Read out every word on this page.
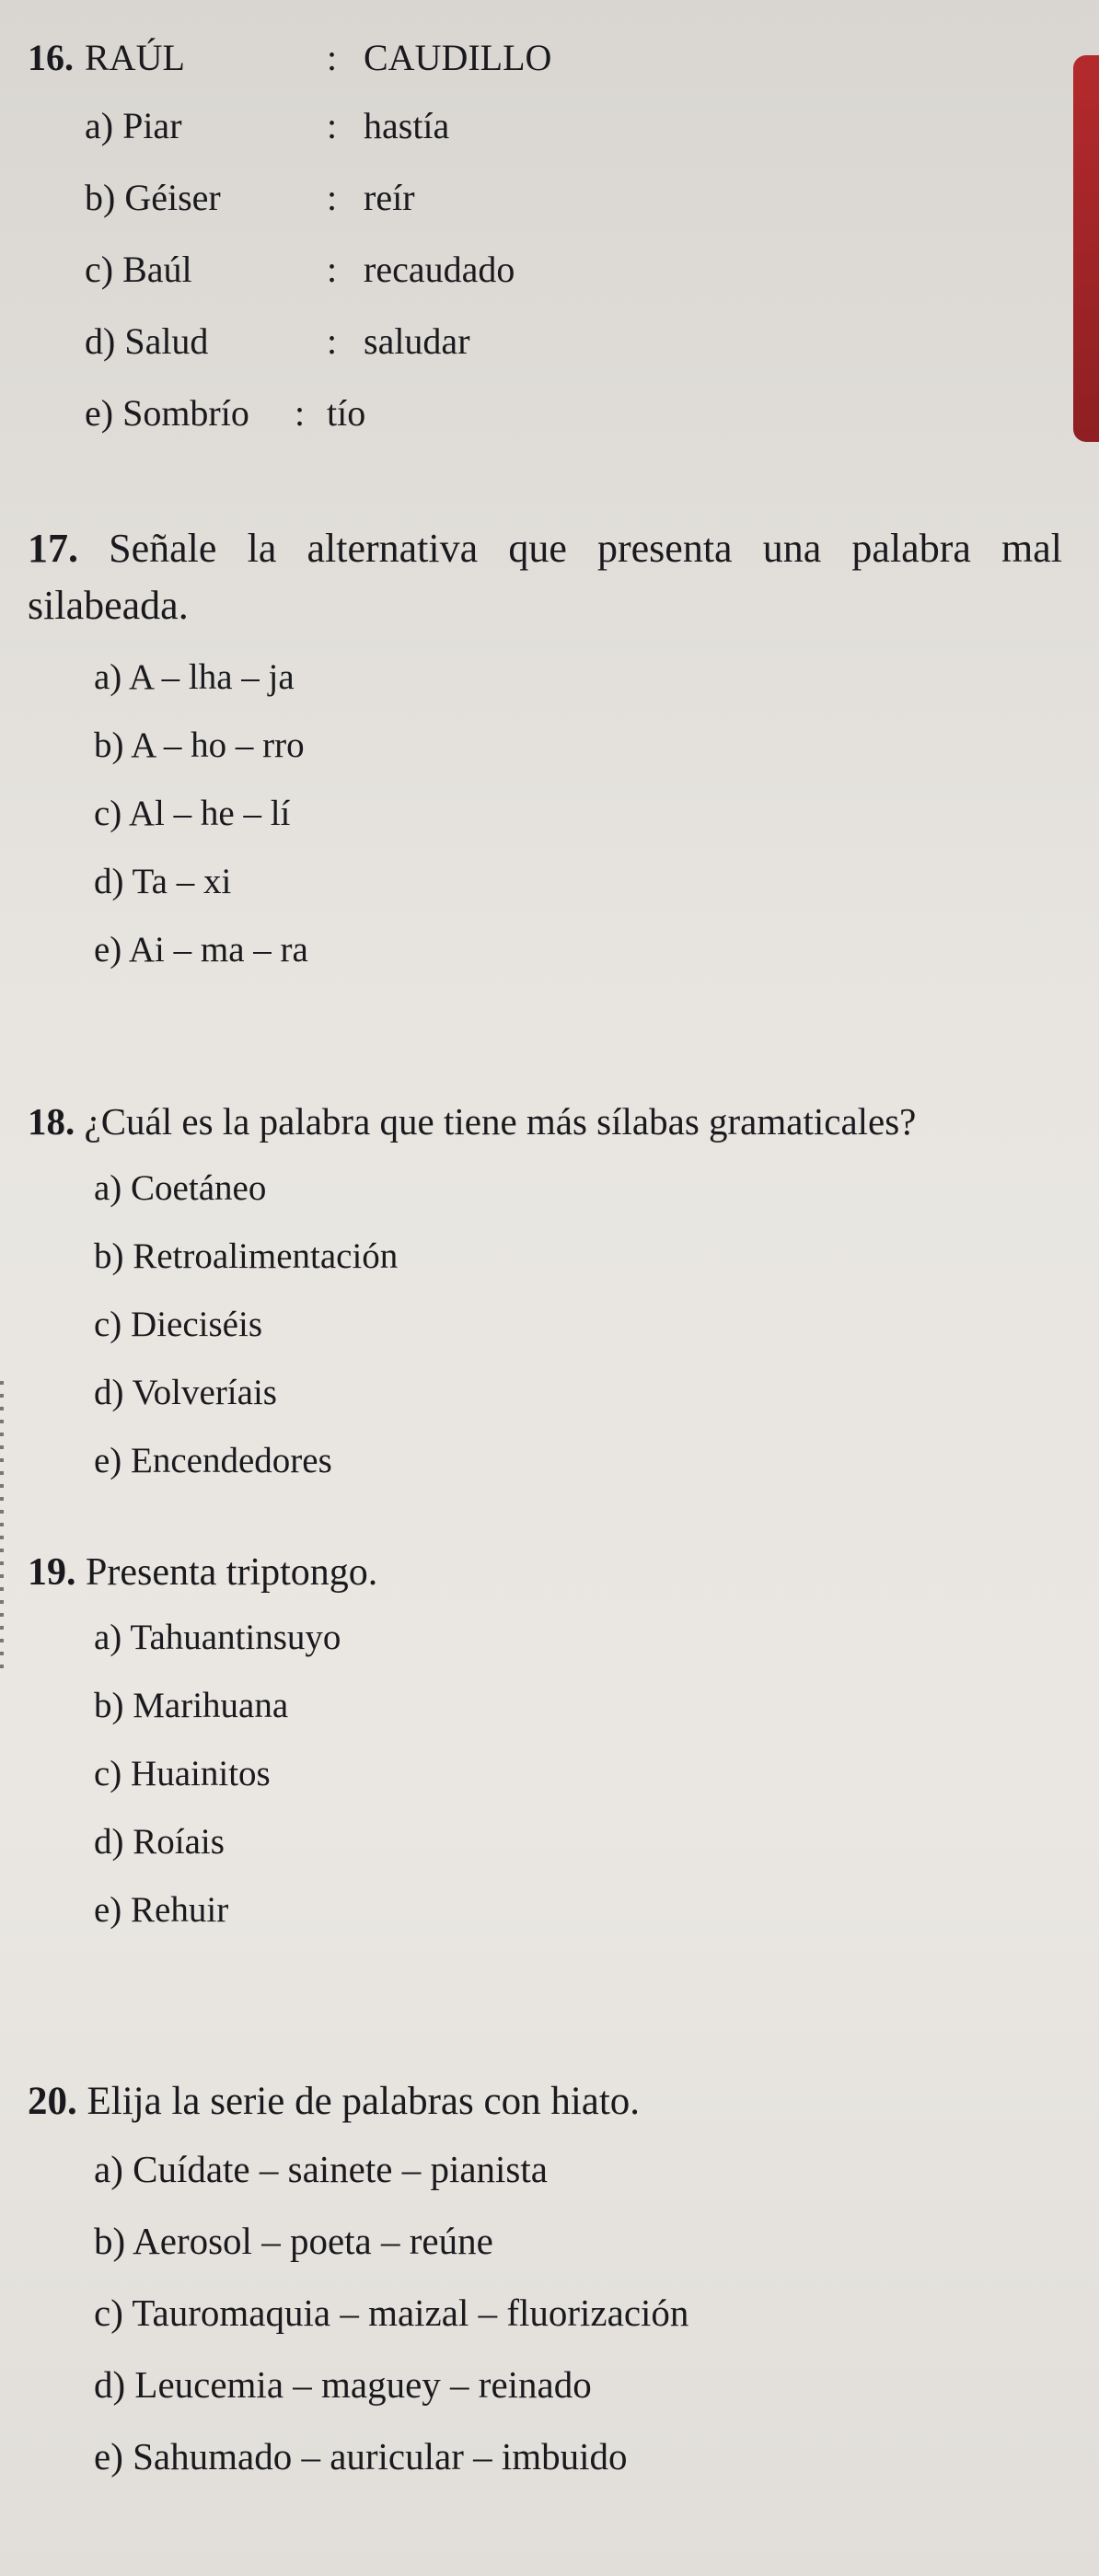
16. RAÚL	: CAUDILLO
a) Piar	: hastía
b) Géiser	: reír
c) Baúl	: recaudado
d) Salud	: saludar
e) Sombrío : tío
17. Señale la alternativa que presenta una palabra mal silabeada.
a) A – lha – ja
b) A – ho – rro
c) Al – he – lí
d) Ta – xi
e) Ai – ma – ra
18. ¿Cuál es la palabra que tiene más sílabas gramaticales?
a) Coetáneo
b) Retroalimentación
c) Dieciséis
d) Volveríais
e) Encendedores
19. Presenta triptongo.
a) Tahuantinsuyo
b) Marihuana
c) Huainitos
d) Roíais
e) Rehuir
20. Elija la serie de palabras con hiato.
a) Cuídate – sainete – pianista
b) Aerosol – poeta – reúne
c) Tauromaquia – maizal – fluorización
d) Leucemia – maguey – reinado
e) Sahumado – auricular – imbuido
